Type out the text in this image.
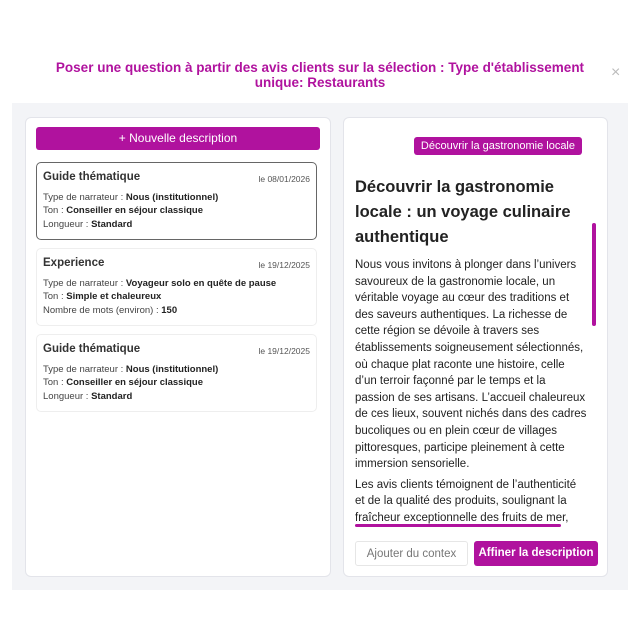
Poser une question à partir des avis clients sur la sélection : Type d'établissement unique: Restaurants
×
+ Nouvelle description
Guide thématique	le 08/01/2026
Type de narrateur : Nous (institutionnel)
Ton : Conseiller en séjour classique
Longueur : Standard
Experience	le 19/12/2025
Type de narrateur : Voyageur solo en quête de pause
Ton : Simple et chaleureux
Nombre de mots (environ) : 150
Guide thématique	le 19/12/2025
Type de narrateur : Nous (institutionnel)
Ton : Conseiller en séjour classique
Longueur : Standard
Découvrir la gastronomie locale
Découvrir la gastronomie locale : un voyage culinaire authentique

Nous vous invitons à plonger dans l’univers savoureux de la gastronomie locale, un véritable voyage au cœur des traditions et des saveurs authentiques. La richesse de cette région se dévoile à travers ses établissements soigneusement sélectionnés, où chaque plat raconte une histoire, celle d’un terroir façonné par le temps et la passion de ses artisans. L’accueil chaleureux de ces lieux, souvent nichés dans des cadres bucoliques ou en plein cœur de villages pittoresques, participe pleinement à cette immersion sensorielle.

Les avis clients témoignent de l’authenticité et de la qualité des produits, soulignant la fraîcheur exceptionnelle des fruits de mer,

Ajouter du contex	Affiner la description
